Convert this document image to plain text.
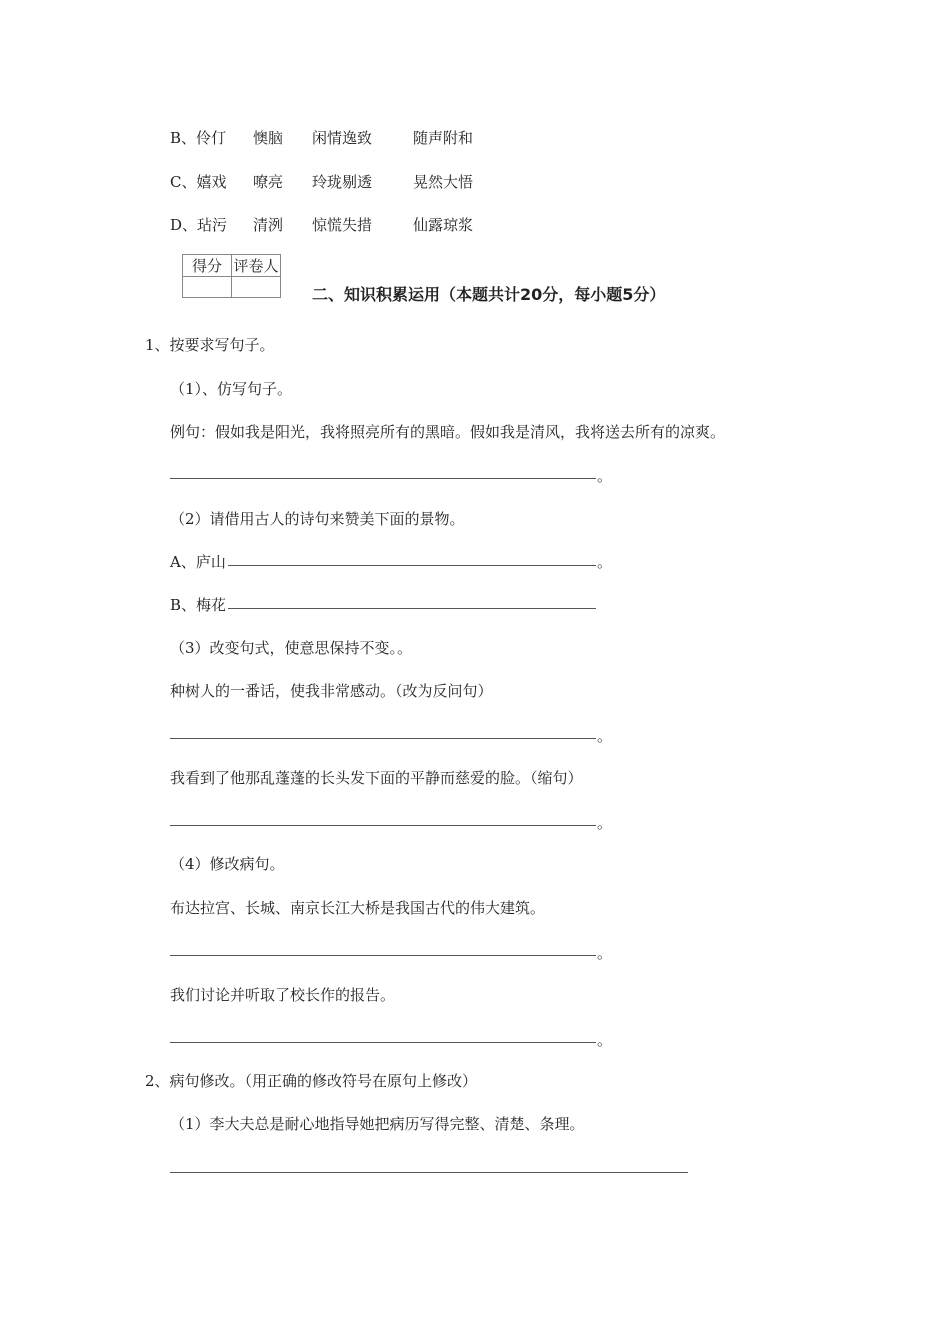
B、伶仃 懊脑 闲情逸致	随声附和
C、嬉戏 嘹亮 玲珑剔透	晃然大悟
D、玷污 清洌 惊慌失措	仙露琼浆
得分	评卷人

二、知识积累运用（本题共计20分，每小题5分）
1、按要求写句子。
（1）、仿写句子。
例句：假如我是阳光，我将照亮所有的黑暗。假如我是清风，我将送去所有的凉爽。
。
（2）请借用古人的诗句来赞美下面的景物。
A、庐山	。
B、梅花
（3）改变句式，使意思保持不变。。
种树人的一番话，使我非常感动。（改为反问句）
。
我看到了他那乱蓬蓬的长头发下面的平静而慈爱的脸。（缩句）
。
（4）修改病句。
布达拉宫、长城、南京长江大桥是我国古代的伟大建筑。
。
我们讨论并听取了校长作的报告。
。
2、病句修改。（用正确的修改符号在原句上修改）
（1）李大夫总是耐心地指导她把病历写得完整、清楚、条理。
